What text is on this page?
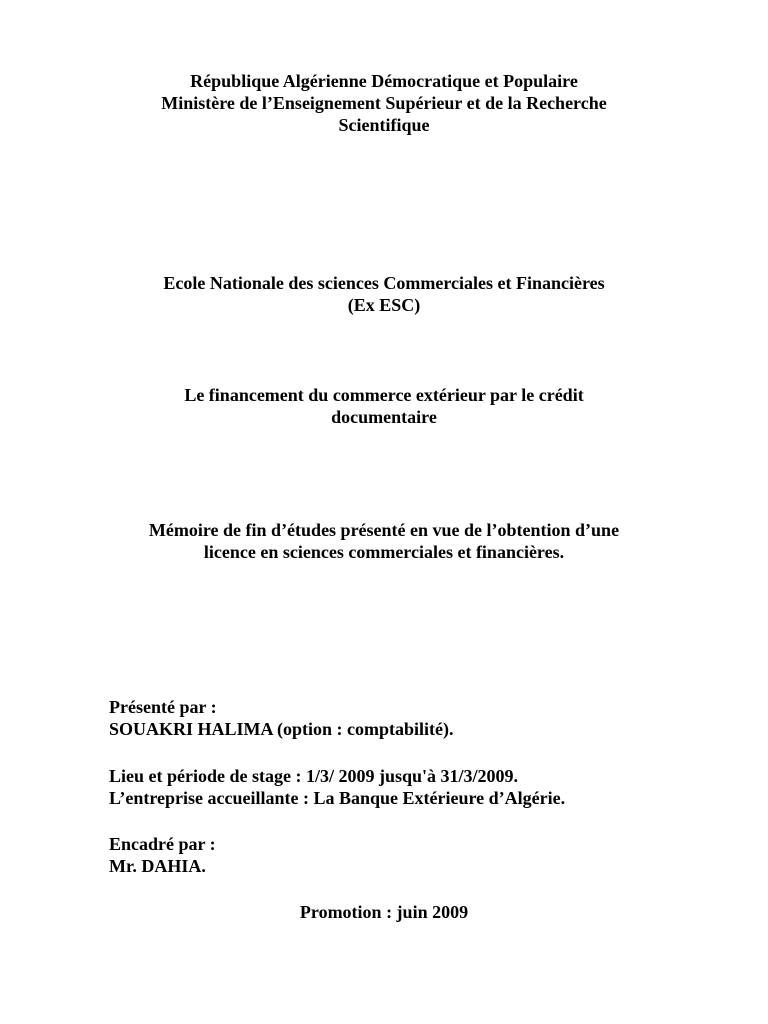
République Algérienne Démocratique et Populaire
Ministère de l’Enseignement Supérieur et de la Recherche
Scientifique
Ecole Nationale des sciences Commerciales et Financières
(Ex ESC)
Le financement du commerce extérieur par le crédit
documentaire
Mémoire de fin d’études présenté en vue de l’obtention d’une
licence en sciences commerciales et financières.
Présenté par :
SOUAKRI HALIMA (option : comptabilité).
Lieu et période de stage : 1/3/ 2009 jusqu'à 31/3/2009.
L’entreprise accueillante : La Banque Extérieure d’Algérie.
Encadré par :
Mr. DAHIA.
Promotion : juin 2009
